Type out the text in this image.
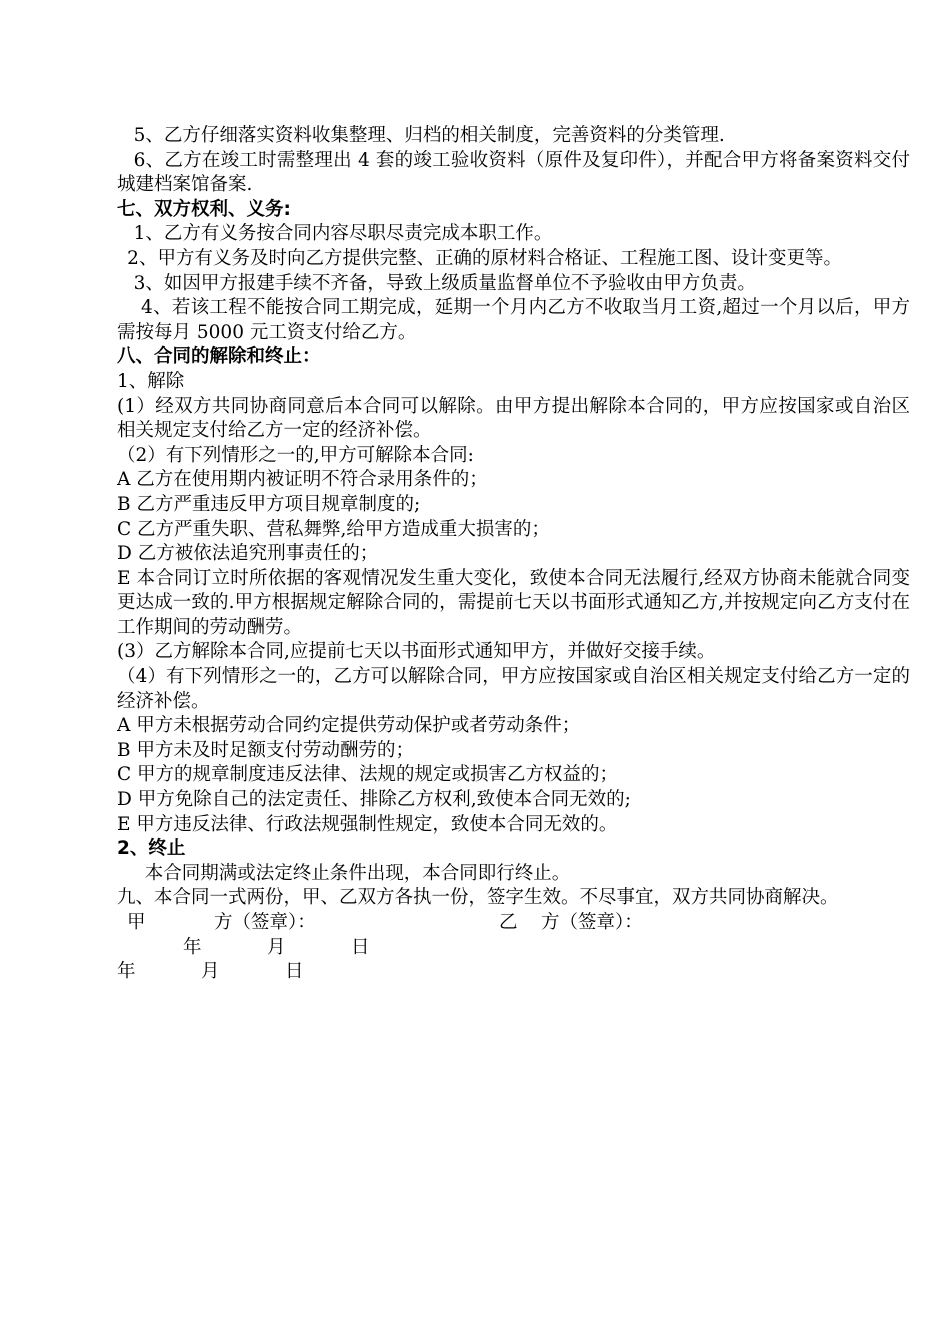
5、乙方仔细落实资料收集整理、归档的相关制度，完善资料的分类管理.

6、乙方在竣工时需整理出 4 套的竣工验收资料（原件及复印件），并配合甲方将备案资料交付城建档案馆备案.

七、双方权利、义务:

1、乙方有义务按合同内容尽职尽责完成本职工作。

2、甲方有义务及时向乙方提供完整、正确的原材料合格证、工程施工图、设计变更等。

3、如因甲方报建手续不齐备，导致上级质量监督单位不予验收由甲方负责。

4、若该工程不能按合同工期完成，延期一个月内乙方不收取当月工资,超过一个月以后，甲方需按每月 5000 元工资支付给乙方。

八、合同的解除和终止：

1、解除

(1）经双方共同协商同意后本合同可以解除。由甲方提出解除本合同的，甲方应按国家或自治区相关规定支付给乙方一定的经济补偿。

（2）有下列情形之一的,甲方可解除本合同:

A 乙方在使用期内被证明不符合录用条件的；

B 乙方严重违反甲方项目规章制度的;

C 乙方严重失职、营私舞弊,给甲方造成重大损害的；

D 乙方被依法追究刑事责任的；

E 本合同订立时所依据的客观情况发生重大变化，致使本合同无法履行,经双方协商未能就合同变更达成一致的.甲方根据规定解除合同的，需提前七天以书面形式通知乙方,并按规定向乙方支付在工作期间的劳动酬劳。

(3）乙方解除本合同,应提前七天以书面形式通知甲方，并做好交接手续。

（4）有下列情形之一的，乙方可以解除合同，甲方应按国家或自治区相关规定支付给乙方一定的经济补偿。

A 甲方未根据劳动合同约定提供劳动保护或者劳动条件；

B 甲方未及时足额支付劳动酬劳的；

C 甲方的规章制度违反法律、法规的规定或损害乙方权益的；

D 甲方免除自己的法定责任、排除乙方权利,致使本合同无效的;

E 甲方违反法律、行政法规强制性规定，致使本合同无效的。

2、终止

本合同期满或法定终止条件出现，本合同即行终止。

九、本合同一式两份，甲、乙双方各执一份，签字生效。不尽事宜，双方共同协商解决。

甲	方（签章）：	乙    方（签章）：
年	月	日
年	月	日
